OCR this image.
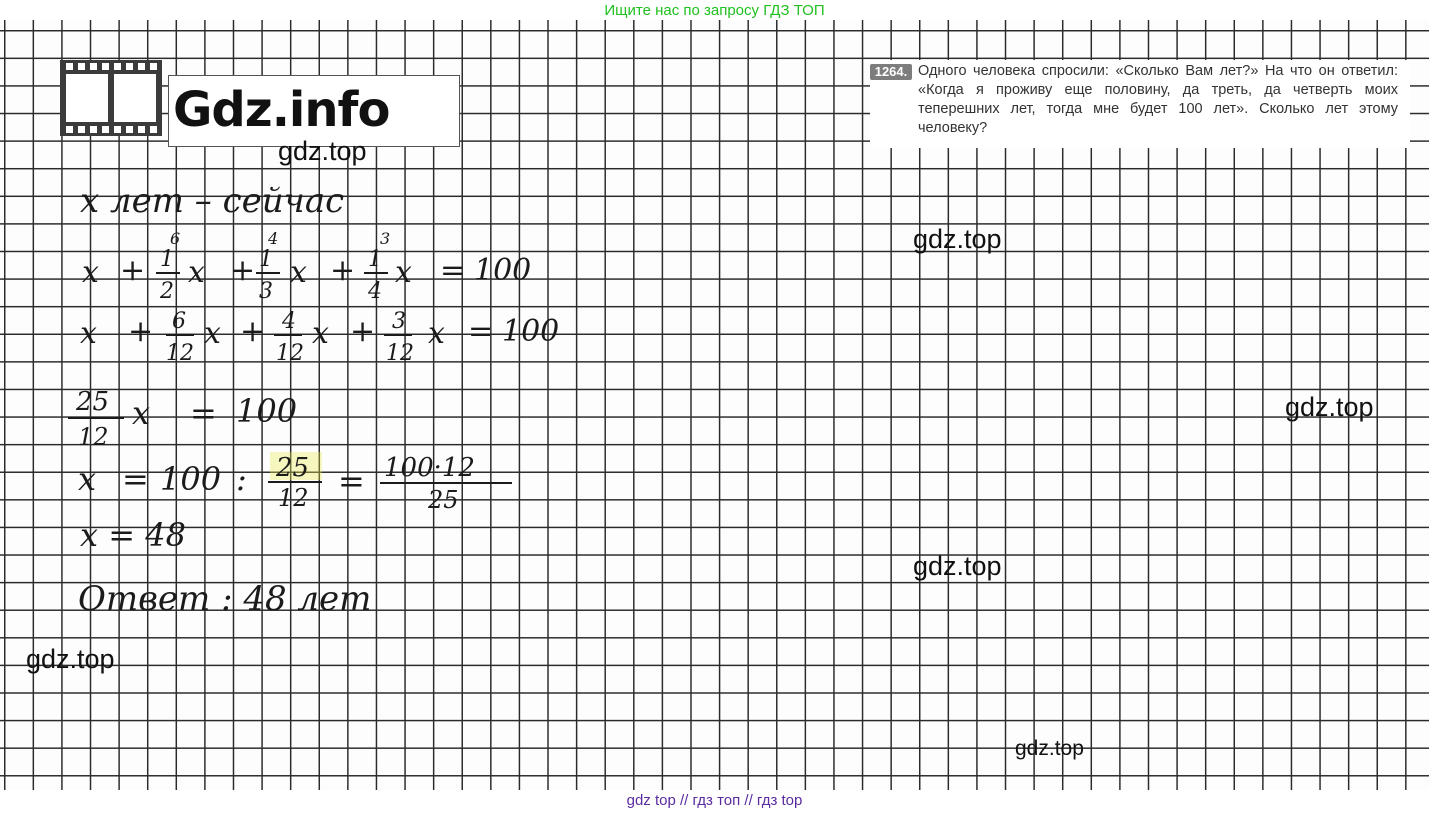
Ищите нас по запросу ГДЗ ТОП
Gdz.info
1264. Одного человека спросили: «Сколько Вам лет?» На что он ответил: «Когда я проживу еще половину, да треть, да четверть моих теперешних лет, тогда мне будет 100 лет». Сколько лет этому человеку?
x лет – сейчас
x +
6
1
2
x +
4
1
3
x +
3
1
4
x = 100
x + 6
12
x + 4
12
x + 3
12
x = 100
25
12
x = 100
x = 100 : 25
12 = 100·12
25
x = 48
Ответ : 48 лет
gdz.top
gdz.top
gdz.top
gdz.top
gdz.top
gdz.top
gdz top // гдз топ // гдз top
